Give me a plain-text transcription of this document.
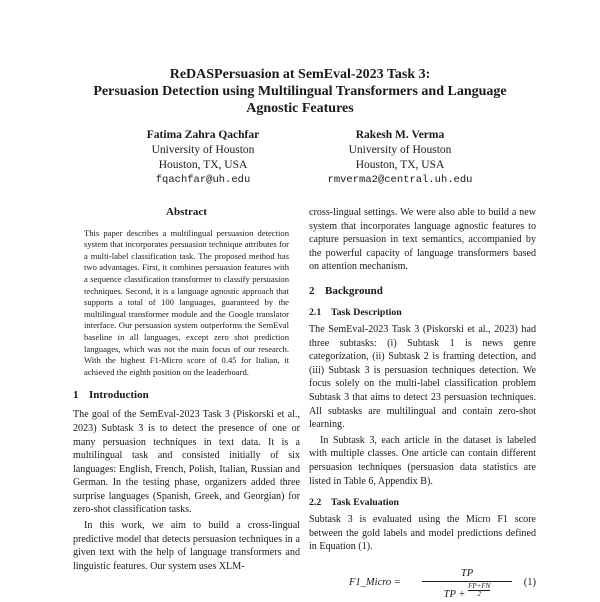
ReDASPersuasion at SemEval-2023 Task 3:
Persuasion Detection using Multilingual Transformers and Language
Agnostic Features
Fatima Zahra Qachfar
University of Houston
Houston, TX, USA
fqachfar@uh.edu
Rakesh M. Verma
University of Houston
Houston, TX, USA
rmverma2@central.uh.edu
Abstract

This paper describes a multilingual persuasion detection system that incorporates persuasion technique attributes for a multi-label classification task. The proposed method has two advantages. First, it combines persuasion features with a sequence classification transformer to classify persuasion techniques. Second, it is a language agnostic approach that supports a total of 100 languages, guaranteed by the multilingual transformer module and the Google translator interface. Our persuasion system outperforms the SemEval baseline in all languages, except zero shot prediction languages, which was not the main focus of our research. With the highest F1-Micro score of 0.45 for Italian, it achieved the eighth position on the leaderboard.

1 Introduction

The goal of the SemEval-2023 Task 3 (Piskorski et al., 2023) Subtask 3 is to detect the presence of one or many persuasion techniques in text data. It is a multilingual task and consisted initially of six languages: English, French, Polish, Italian, Russian and German. In the testing phase, organizers added three surprise languages (Spanish, Greek, and Georgian) for zero-shot classification tasks.

In this work, we aim to build a cross-lingual predictive model that detects persuasion techniques in a given text with the help of language transformers and linguistic features. Our system uses XLM-

cross-lingual settings. We were also able to build a new system that incorporates language agnostic features to capture persuasion in text semantics, accompanied by the powerful capacity of language transformers based on attention mechanism.

2 Background
2.1 Task Description

The SemEval-2023 Task 3 (Piskorski et al., 2023) had three subtasks: (i) Subtask 1 is news genre categorization, (ii) Subtask 2 is framing detection, and (iii) Subtask 3 is persuasion techniques detection. We focus solely on the multi-label classification problem Subtask 3 that aims to detect 23 persuasion techniques. All subtasks are multilingual and contain zero-shot learning.

In Subtask 3, each article in the dataset is labeled with multiple classes. One article can contain different persuasion techniques (persuasion data statistics are listed in Table 6, Appendix B).

2.2 Task Evaluation

Subtask 3 is evaluated using the Micro F1 score between the gold labels and model predictions defined in Equation (1).

F1_Micro =
TP
TP + $\frac{FP+FN}{2}$
(1)
